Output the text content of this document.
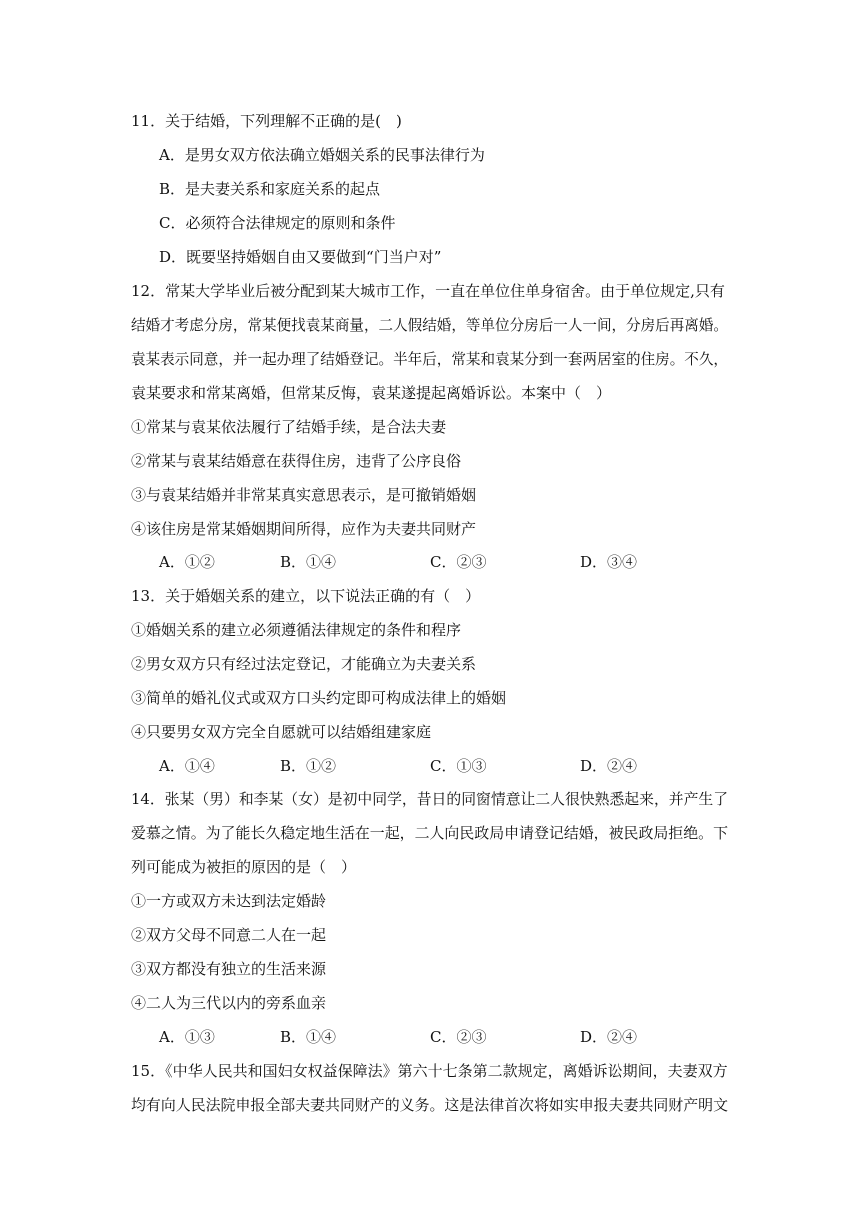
11．关于结婚，下列理解不正确的是(　)
A．是男女双方依法确立婚姻关系的民事法律行为
B．是夫妻关系和家庭关系的起点
C．必须符合法律规定的原则和条件
D．既要坚持婚姻自由又要做到“门当户对”
12．常某大学毕业后被分配到某大城市工作，一直在单位住单身宿舍。由于单位规定,只有
结婚才考虑分房，常某便找袁某商量，二人假结婚，等单位分房后一人一间，分房后再离婚。
袁某表示同意，并一起办理了结婚登记。半年后，常某和袁某分到一套两居室的住房。不久，
袁某要求和常某离婚，但常某反悔，袁某遂提起离婚诉讼。本案中（　）
①常某与袁某依法履行了结婚手续，是合法夫妻
②常某与袁某结婚意在获得住房，违背了公序良俗
③与袁某结婚并非常某真实意思表示，是可撤销婚姻
④该住房是常某婚姻期间所得，应作为夫妻共同财产
A．①②	B．①④	C．②③	D．③④
13．关于婚姻关系的建立，以下说法正确的有（　）
①婚姻关系的建立必须遵循法律规定的条件和程序
②男女双方只有经过法定登记，才能确立为夫妻关系
③简单的婚礼仪式或双方口头约定即可构成法律上的婚姻
④只要男女双方完全自愿就可以结婚组建家庭
A．①④	B．①②	C．①③	D．②④
14．张某（男）和李某（女）是初中同学，昔日的同窗情意让二人很快熟悉起来，并产生了
爱慕之情。为了能长久稳定地生活在一起，二人向民政局申请登记结婚，被民政局拒绝。下
列可能成为被拒的原因的是（　）
①一方或双方未达到法定婚龄
②双方父母不同意二人在一起
③双方都没有独立的生活来源
④二人为三代以内的旁系血亲
A．①③	B．①④	C．②③	D．②④
15．《中华人民共和国妇女权益保障法》第六十七条第二款规定，离婚诉讼期间，夫妻双方
均有向人民法院申报全部夫妻共同财产的义务。这是法律首次将如实申报夫妻共同财产明文
